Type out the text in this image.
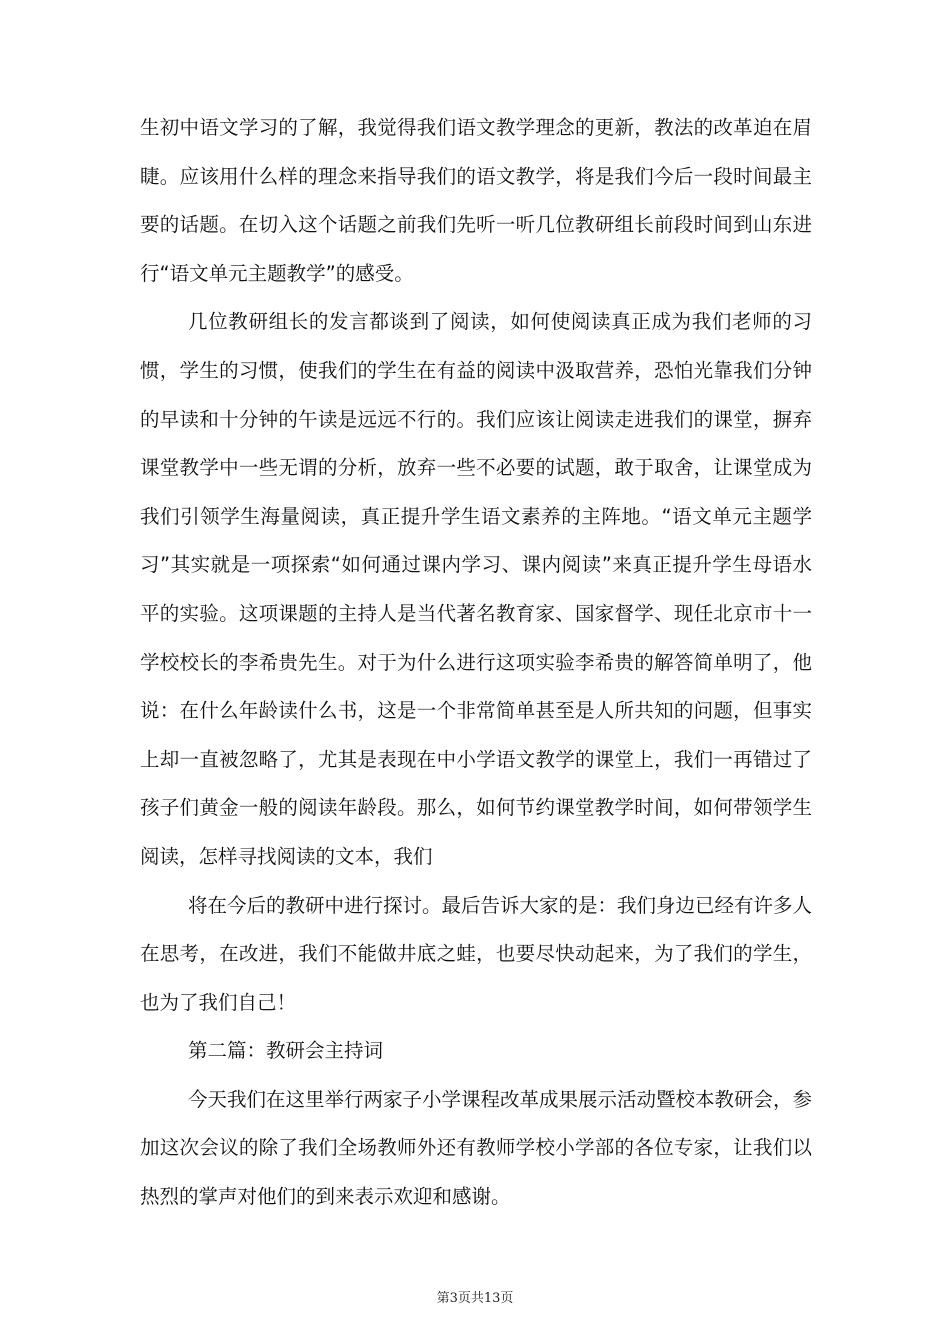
生初中语文学习的了解，我觉得我们语文教学理念的更新，教法的改革迫在眉睫。应该用什么样的理念来指导我们的语文教学，将是我们今后一段时间最主要的话题。在切入这个话题之前我们先听一听几位教研组长前段时间到山东进行“语文单元主题教学”的感受。

几位教研组长的发言都谈到了阅读，如何使阅读真正成为我们老师的习惯，学生的习惯，使我们的学生在有益的阅读中汲取营养，恐怕光靠我们分钟的早读和十分钟的午读是远远不行的。我们应该让阅读走进我们的课堂，摒弃课堂教学中一些无谓的分析，放弃一些不必要的试题，敢于取舍，让课堂成为我们引领学生海量阅读，真正提升学生语文素养的主阵地。“语文单元主题学习”其实就是一项探索“如何通过课内学习、课内阅读”来真正提升学生母语水平的实验。这项课题的主持人是当代著名教育家、国家督学、现任北京市十一学校校长的李希贵先生。对于为什么进行这项实验李希贵的解答简单明了，他说：在什么年龄读什么书，这是一个非常简单甚至是人所共知的问题，但事实上却一直被忽略了，尤其是表现在中小学语文教学的课堂上，我们一再错过了孩子们黄金一般的阅读年龄段。那么，如何节约课堂教学时间，如何带领学生阅读，怎样寻找阅读的文本，我们

将在今后的教研中进行探讨。最后告诉大家的是：我们身边已经有许多人在思考，在改进，我们不能做井底之蛙，也要尽快动起来，为了我们的学生，也为了我们自己！

第二篇：教研会主持词

今天我们在这里举行两家子小学课程改革成果展示活动暨校本教研会，参加这次会议的除了我们全场教师外还有教师学校小学部的各位专家，让我们以热烈的掌声对他们的到来表示欢迎和感谢。

第3页共13页
